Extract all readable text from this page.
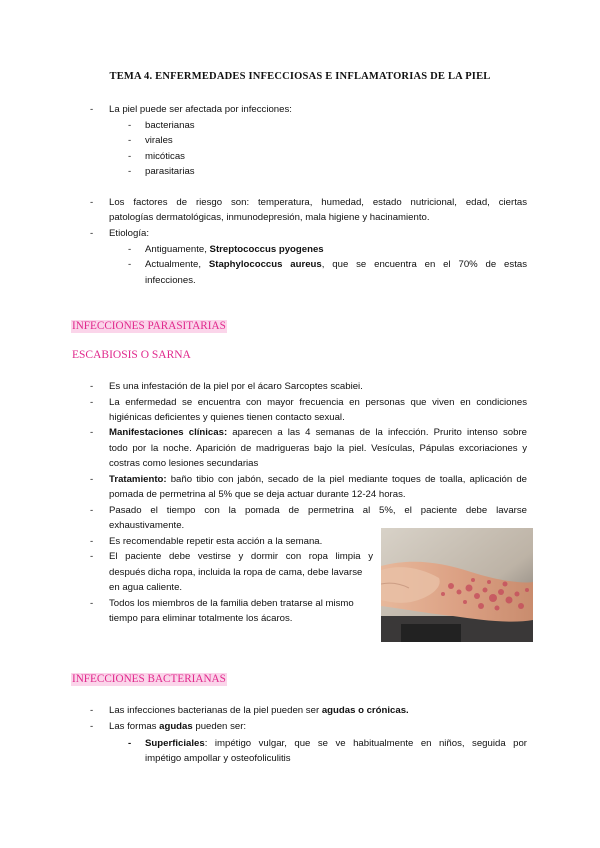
TEMA 4. ENFERMEDADES INFECCIOSAS E INFLAMATORIAS DE LA PIEL
- La piel puede ser afectada por infecciones:
- bacterianas
- virales
- micóticas
- parasitarias
- Los factores de riesgo son: temperatura, humedad, estado nutricional, edad, ciertas
patologías dermatológicas, inmunodepresión, mala higiene y hacinamiento.
- Etiología:
- Antiguamente, Streptococcus pyogenes
- Actualmente, Staphylococcus aureus, que se encuentra en el 70% de estas
infecciones.
INFECCIONES PARASITARIAS
ESCABIOSIS O SARNA
- Es una infestación de la piel por el ácaro Sarcoptes scabiei.
- La enfermedad se encuentra con mayor frecuencia en personas que viven en condiciones
higiénicas deficientes y quienes tienen contacto sexual.
- Manifestaciones clínicas: aparecen a las 4 semanas de la infección. Prurito intenso sobre
todo por la noche. Aparición de madrigueras bajo la piel. Vesículas, Pápulas excoriaciones y
costras como lesiones secundarias
- Tratamiento: baño tibio con jabón, secado de la piel mediante toques de toalla, aplicación de
pomada de permetrina al 5% que se deja actuar durante 12-24 horas.
- Pasado el tiempo con la pomada de permetrina al 5%, el paciente debe lavarse
exhaustivamente.
- Es recomendable repetir esta acción a la semana.
- El paciente debe vestirse y dormir con ropa limpia y
después dicha ropa, incluida la ropa de cama, debe lavarse
en agua caliente.
- Todos los miembros de la familia deben tratarse al mismo
tiempo para eliminar totalmente los ácaros.
INFECCIONES BACTERIANAS
- Las infecciones bacterianas de la piel pueden ser agudas o crónicas.
- Las formas agudas pueden ser:
- Superficiales: impétigo vulgar, que se ve habitualmente en niños, seguida por
impétigo ampollar y osteofoliculitis
